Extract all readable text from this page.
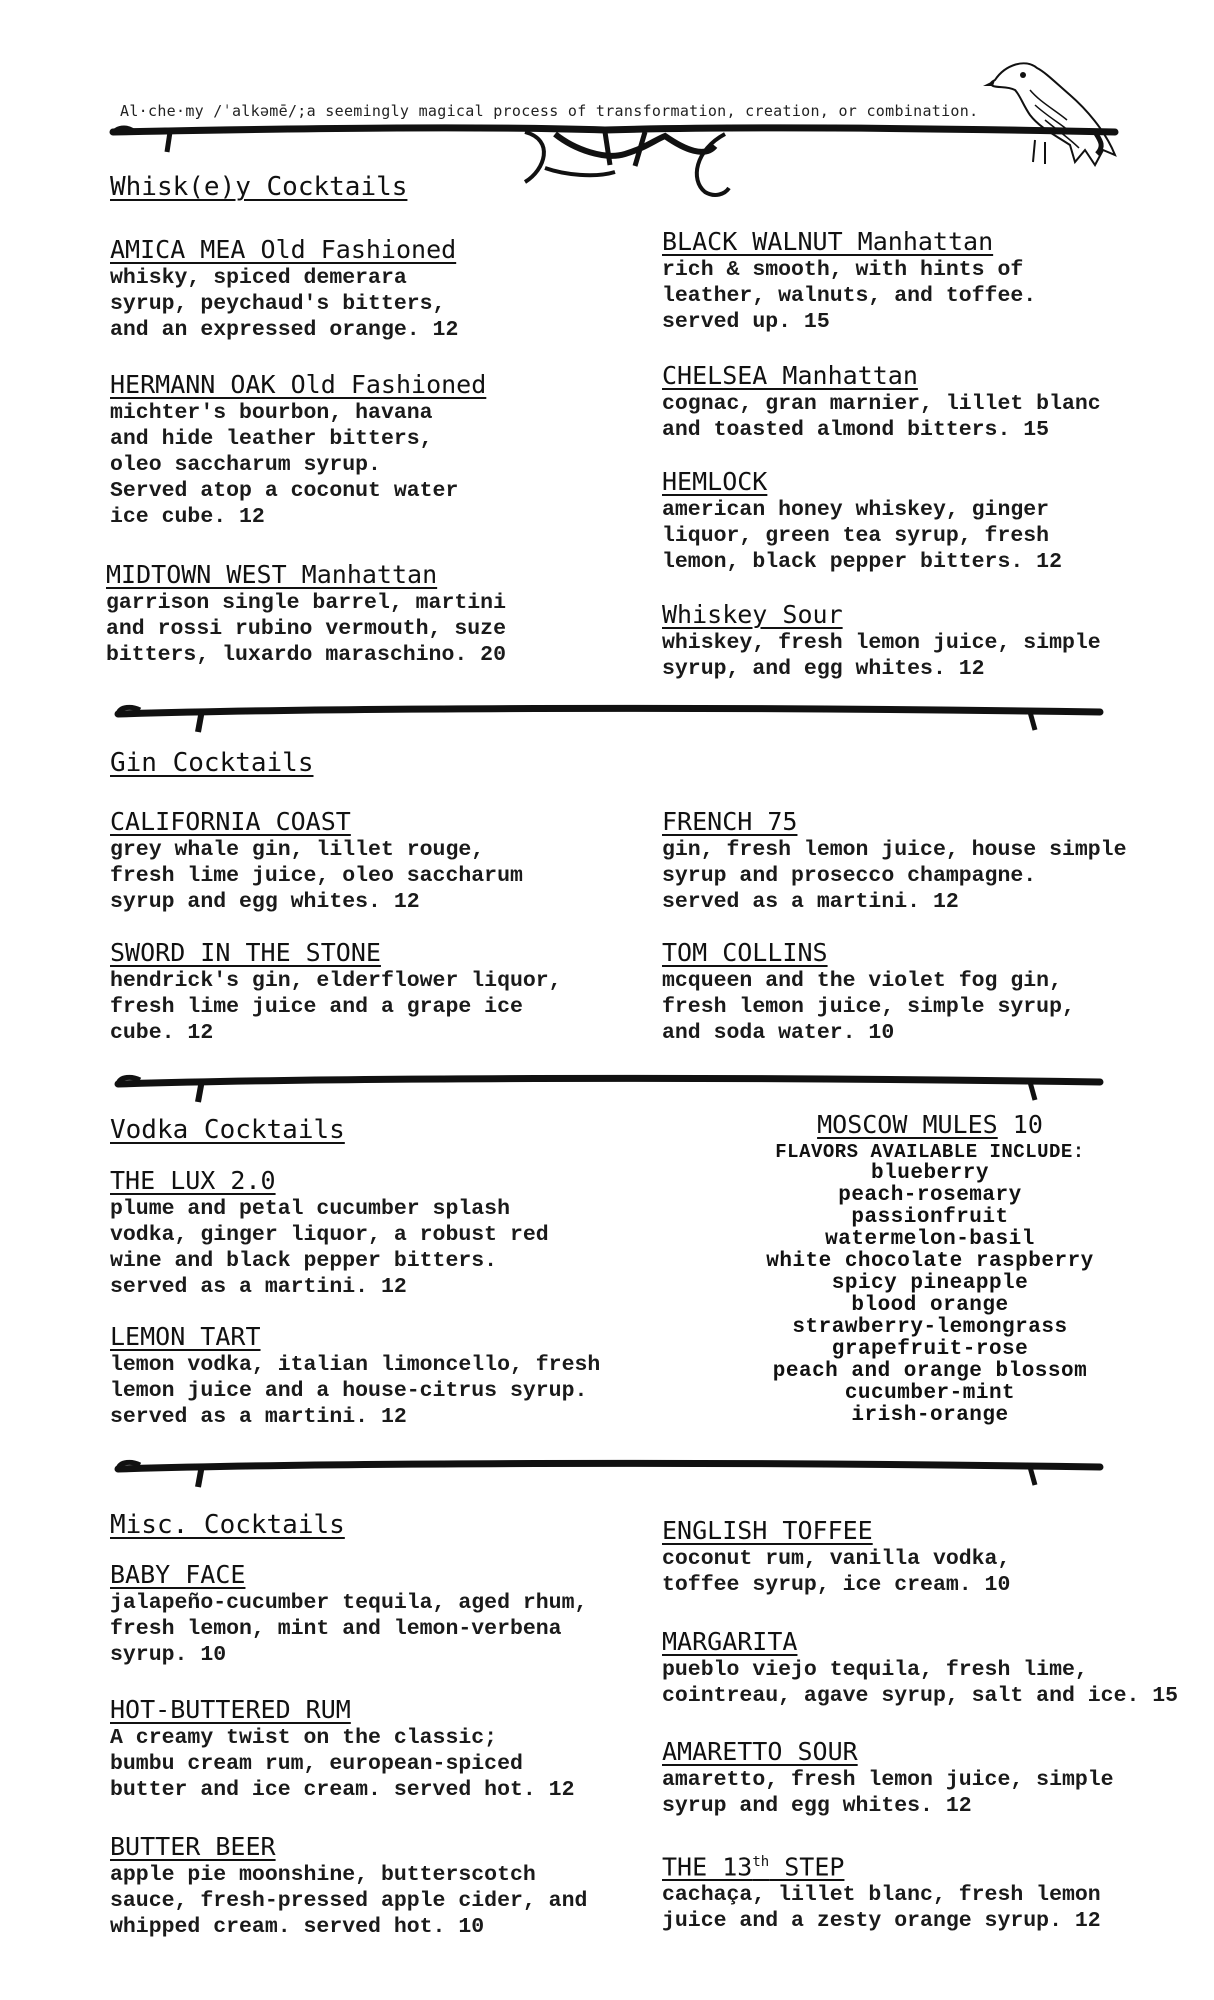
Al·che·my /ˈalkəmē/;a seemingly magical process of transformation, creation, or combination.
Whisk(e)y Cocktails
AMICA MEA Old Fashioned
whisky, spiced demerara
syrup, peychaud's bitters,
and an expressed orange. 12
HERMANN OAK Old Fashioned
michter's bourbon, havana
and hide leather bitters,
oleo saccharum syrup.
Served atop a coconut water
ice cube. 12
MIDTOWN WEST Manhattan
garrison single barrel, martini
and rossi rubino vermouth, suze
bitters, luxardo maraschino. 20
BLACK WALNUT Manhattan
rich & smooth, with hints of
leather, walnuts, and toffee.
served up. 15
CHELSEA Manhattan
cognac, gran marnier, lillet blanc
and toasted almond bitters. 15
HEMLOCK
american honey whiskey, ginger
liquor, green tea syrup, fresh
lemon, black pepper bitters. 12
Whiskey Sour
whiskey, fresh lemon juice, simple
syrup, and egg whites. 12
Gin Cocktails
CALIFORNIA COAST
grey whale gin, lillet rouge,
fresh lime juice, oleo saccharum
syrup and egg whites. 12
SWORD IN THE STONE
hendrick's gin, elderflower liquor,
fresh lime juice and a grape ice
cube. 12
FRENCH 75
gin, fresh lemon juice, house simple
syrup and prosecco champagne.
served as a martini. 12
TOM COLLINS
mcqueen and the violet fog gin,
fresh lemon juice, simple syrup,
and soda water. 10
Vodka Cocktails
THE LUX 2.0
plume and petal cucumber splash
vodka, ginger liquor, a robust red
wine and black pepper bitters.
served as a martini. 12
LEMON TART
lemon vodka, italian limoncello, fresh
lemon juice and a house-citrus syrup.
served as a martini. 12
MOSCOW MULES 10
FLAVORS AVAILABLE INCLUDE:
blueberry
peach-rosemary
passionfruit
watermelon-basil
white chocolate raspberry
spicy pineapple
blood orange
strawberry-lemongrass
grapefruit-rose
peach and orange blossom
cucumber-mint
irish-orange
Misc. Cocktails
BABY FACE
jalapeño-cucumber tequila, aged rhum,
fresh lemon, mint and lemon-verbena
syrup. 10
HOT-BUTTERED RUM
A creamy twist on the classic;
bumbu cream rum, european-spiced
butter and ice cream. served hot. 12
BUTTER BEER
apple pie moonshine, butterscotch
sauce, fresh-pressed apple cider, and
whipped cream. served hot. 10
ENGLISH TOFFEE
coconut rum, vanilla vodka,
toffee syrup, ice cream. 10
MARGARITA
pueblo viejo tequila, fresh lime,
cointreau, agave syrup, salt and ice. 15
AMARETTO SOUR
amaretto, fresh lemon juice, simple
syrup and egg whites. 12
THE 13th STEP
cachaça, lillet blanc, fresh lemon
juice and a zesty orange syrup. 12
